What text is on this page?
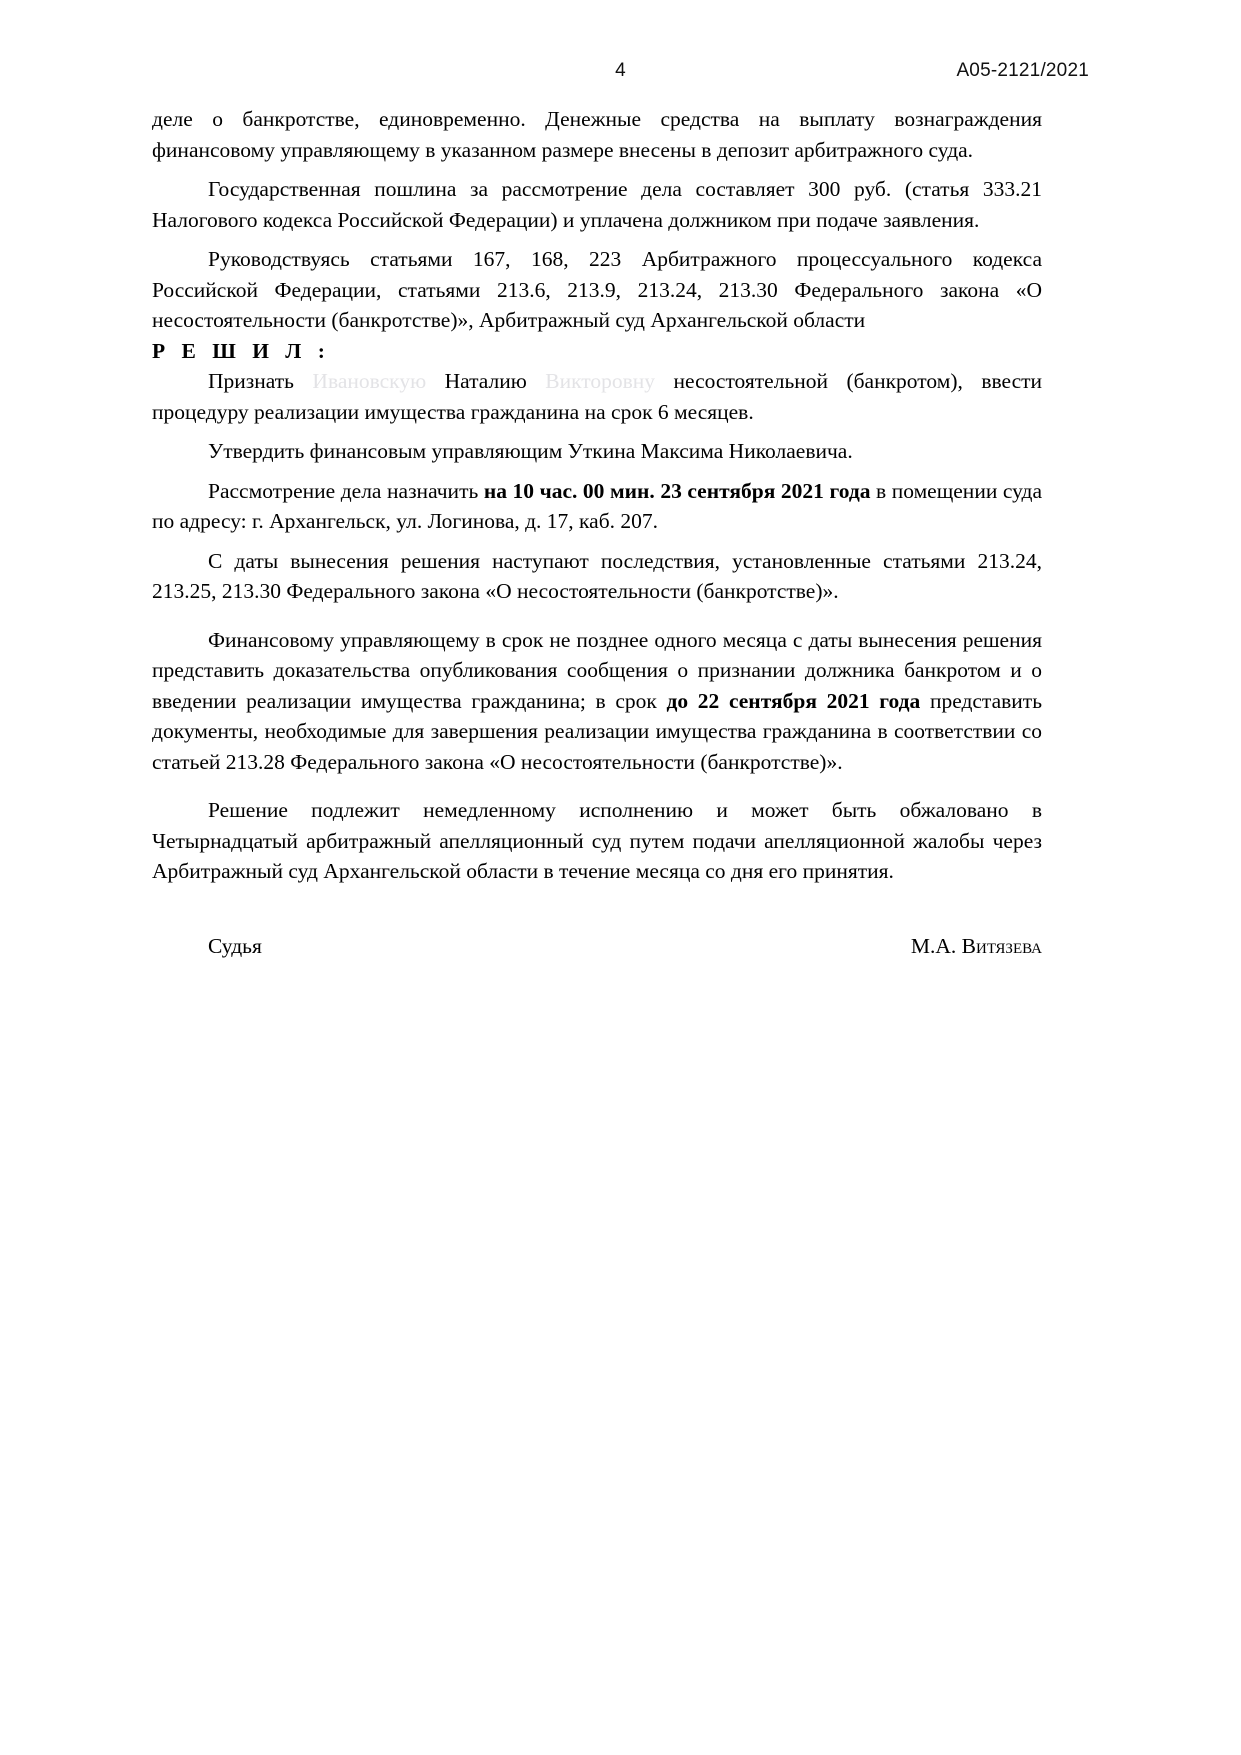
4	А05-2121/2021

деле о банкротстве, единовременно. Денежные средства на выплату вознаграждения финансовому управляющему в указанном размере внесены в депозит арбитражного суда.

Государственная пошлина за рассмотрение дела составляет 300 руб. (статья 333.21 Налогового кодекса Российской Федерации) и уплачена должником при подаче заявления.

Руководствуясь статьями 167, 168, 223 Арбитражного процессуального кодекса Российской Федерации, статьями 213.6, 213.9, 213.24, 213.30 Федерального закона «О несостоятельности (банкротстве)», Арбитражный суд Архангельской области

Р Е Ш И Л :

Признать Ивановскую Наталию Викторовну несостоятельной (банкротом), ввести процедуру реализации имущества гражданина на срок 6 месяцев.

Утвердить финансовым управляющим Уткина Максима Николаевича.

Рассмотрение дела назначить на 10 час. 00 мин. 23 сентября 2021 года в помещении суда по адресу: г. Архангельск, ул. Логинова, д. 17, каб. 207.

С даты вынесения решения наступают последствия, установленные статьями 213.24, 213.25, 213.30 Федерального закона «О несостоятельности (банкротстве)».

Финансовому управляющему в срок не позднее одного месяца с даты вынесения решения представить доказательства опубликования сообщения о признании должника банкротом и о введении реализации имущества гражданина; в срок до 22 сентября 2021 года представить документы, необходимые для завершения реализации имущества гражданина в соответствии со статьей 213.28 Федерального закона «О несостоятельности (банкротстве)».

Решение подлежит немедленному исполнению и может быть обжаловано в Четырнадцатый арбитражный апелляционный суд путем подачи апелляционной жалобы через Арбитражный суд Архангельской области в течение месяца со дня его принятия.

Судья	М.А. Витязева
